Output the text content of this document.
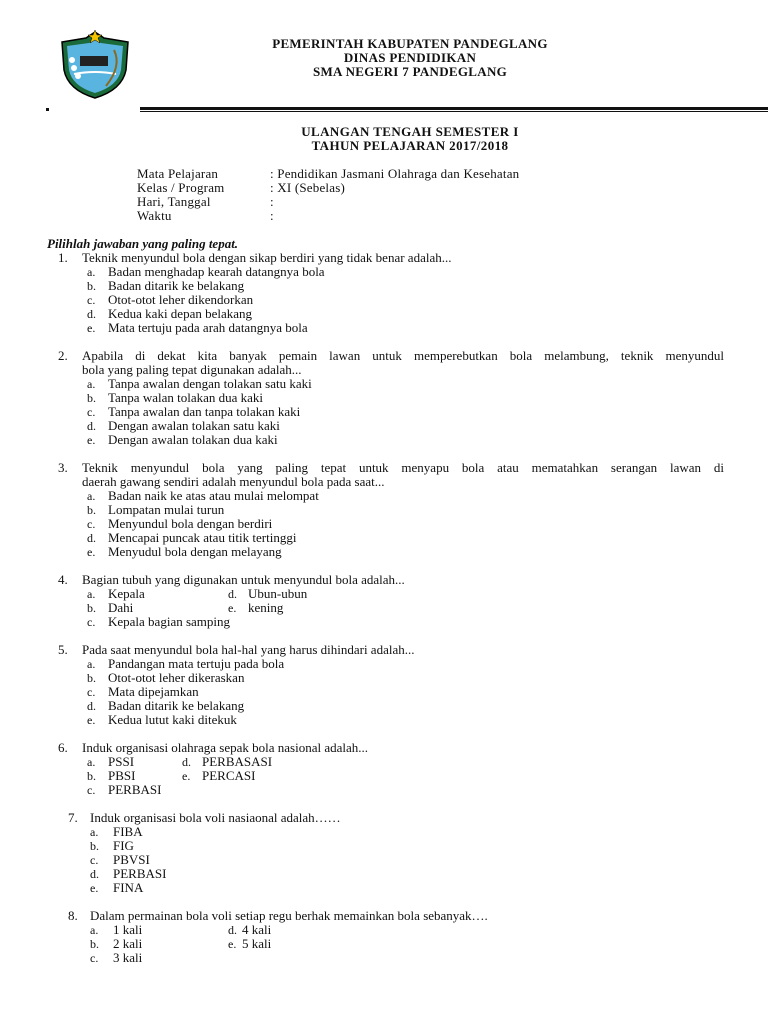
PEMERINTAH KABUPATEN PANDEGLANG
DINAS PENDIDIKAN
SMA NEGERI 7 PANDEGLANG
ULANGAN TENGAH SEMESTER I
TAHUN PELAJARAN 2017/2018
Mata Pelajaran	: Pendidikan Jasmani Olahraga dan Kesehatan
Kelas / Program	: XI (Sebelas)
Hari, Tanggal	:
Waktu	:
Pilihlah jawaban yang paling tepat.
1. Teknik menyundul bola dengan sikap berdiri yang tidak benar adalah...
a. Badan menghadap kearah datangnya bola
b. Badan ditarik ke belakang
c. Otot-otot leher dikendorkan
d. Kedua kaki depan belakang
e. Mata tertuju pada arah datangnya bola
2. Apabila di dekat kita banyak pemain lawan untuk memperebutkan bola melambung, teknik menyundul
bola yang paling tepat digunakan adalah...
a. Tanpa awalan dengan tolakan satu kaki
b. Tanpa walan tolakan dua kaki
c. Tanpa awalan dan tanpa tolakan kaki
d. Dengan awalan tolakan satu kaki
e. Dengan awalan tolakan dua kaki
3. Teknik menyundul bola yang paling tepat untuk menyapu bola atau mematahkan serangan lawan di
daerah gawang sendiri adalah menyundul bola pada saat...
a. Badan naik ke atas atau mulai melompat
b. Lompatan mulai turun
c. Menyundul bola dengan berdiri
d. Mencapai puncak atau titik tertinggi
e. Menyudul bola dengan melayang
4. Bagian tubuh yang digunakan untuk menyundul bola adalah...
a. Kepala
b. Dahi
c. Kepala bagian samping
d. Ubun-ubun
e. kening
5. Pada saat menyundul bola hal-hal yang harus dihindari adalah...
a. Pandangan mata tertuju pada bola
b. Otot-otot leher dikeraskan
c. Mata dipejamkan
d. Badan ditarik ke belakang
e. Kedua lutut kaki ditekuk
6. Induk organisasi olahraga sepak bola nasional adalah...
a. PSSI
b. PBSI
c. PERBASI
d. PERBASASI
e. PERCASI
7. Induk organisasi bola voli nasiaonal adalah……
a. FIBA
b. FIG
c. PBVSI
d. PERBASI
e. FINA
8. Dalam permainan bola voli setiap regu berhak memainkan bola sebanyak….
a. 1 kali
b. 2 kali
c. 3 kali
d. 4 kali
e. 5 kali
